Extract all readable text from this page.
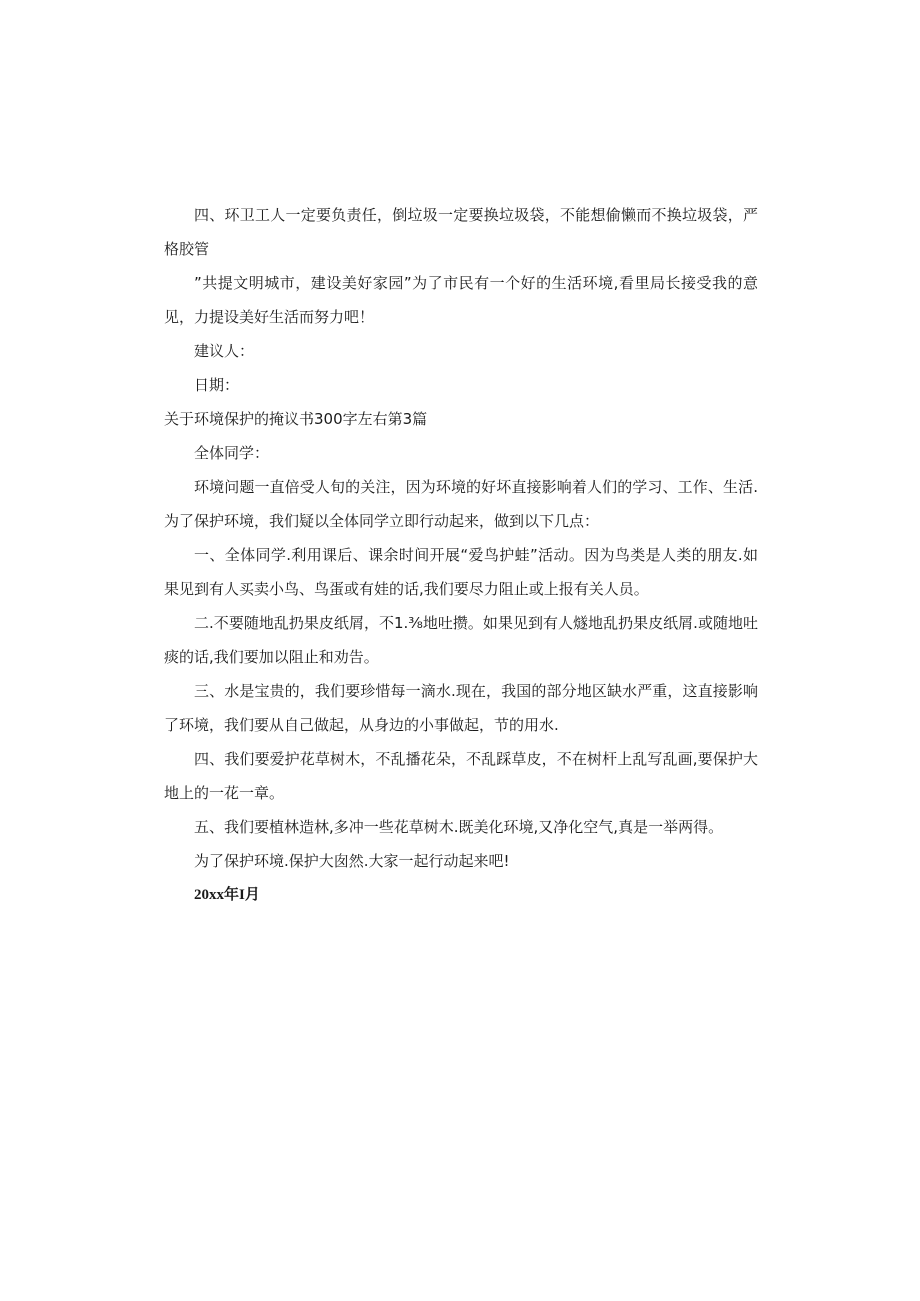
四、环卫工人一定要负责任，倒垃圾一定要换垃圾袋，不能想偷懒而不换垃圾袋，严格胶管

”共提文明城市，建设美好家园”为了市民有一个好的生活环境,看里局长接受我的意见，力提设美好生活而努力吧！

建议人：

日期：

关于环境保护的掩议书300字左右第3篇

全体同学：

环境问题一直倍受人旬的关注，因为环境的好坏直接影响着人们的学习、工作、生活.为了保护环境，我们疑以全体同学立即行动起来，做到以下几点：

一、全体同学.利用课后、课余时间开展“爱鸟护蛙”活动。因为鸟类是人类的朋友.如果见到有人买卖小鸟、鸟蛋或有娃的话,我们要尽力阻止或上报有关人员。

二.不要随地乱扔果皮纸屑，不1.⅜地吐攒。如果见到有人燧地乱扔果皮纸屑.或随地吐痰的话,我们要加以阻止和劝告。

三、水是宝贵的，我们要珍惜每一滴水.现在，我国的部分地区缺水严重，这直接影响了环境，我们要从自己做起，从身边的小事做起，节的用水.

四、我们要爱护花草树木，不乱播花朵，不乱踩草皮，不在树杆上乱写乱画,要保护大地上的一花一章。

五、我们要植林造林,多冲一些花草树木.既美化环境,又净化空气,真是一举两得。

为了保护环境.保护大囱然.大家一起行动起来吧!

20xx年I月
